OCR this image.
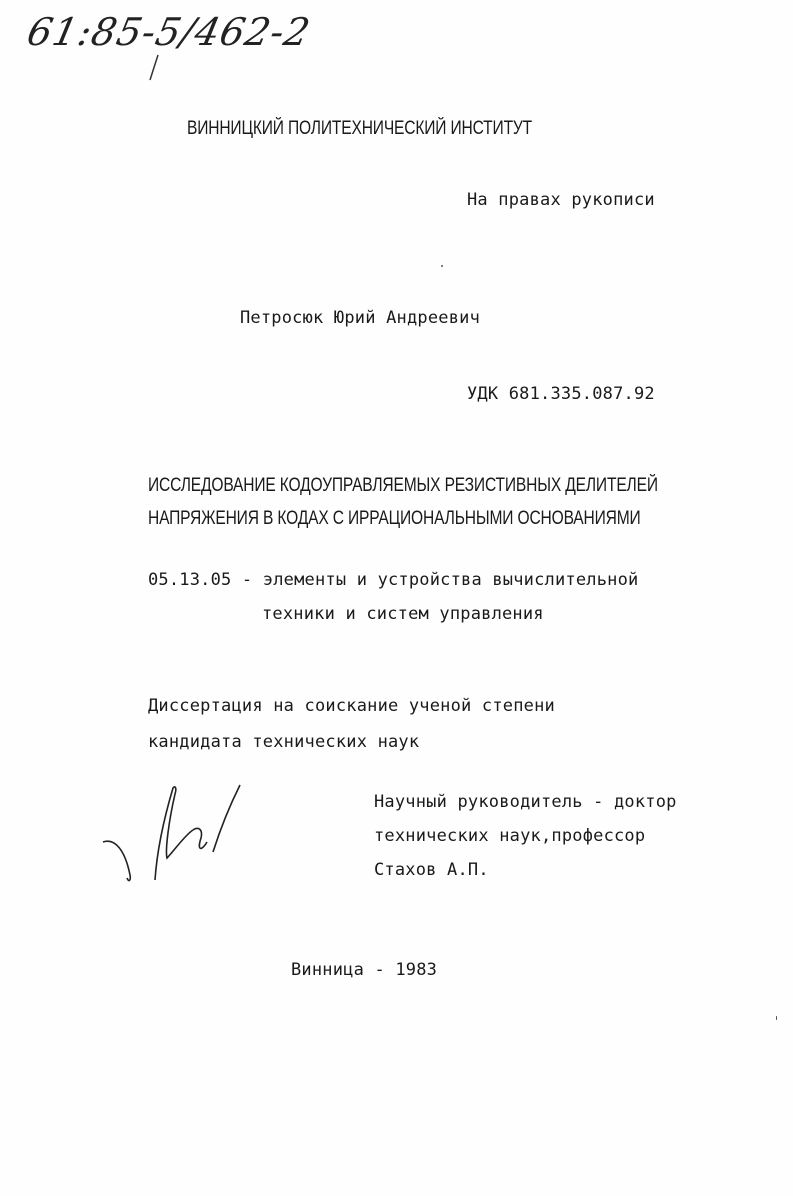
61:85-5/462-2
ВИННИЦКИЙ ПОЛИТЕХНИЧЕСКИЙ ИНСТИТУТ
На правах рукописи
Петросюк Юрий Андреевич
УДК 681.335.087.92
ИССЛЕДОВАНИЕ КОДОУПРАВЛЯЕМЫХ РЕЗИСТИВНЫХ ДЕЛИТЕЛЕЙ
НАПРЯЖЕНИЯ В КОДАХ С ИРРАЦИОНАЛЬНЫМИ ОСНОВАНИЯМИ
05.13.05 - элементы и устройства вычислительной
техники и систем управления
Диссертация на соискание ученой степени
кандидата технических наук
Научный руководитель - доктор
технических наук,профессор
Стахов А.П.
Винница - 1983
